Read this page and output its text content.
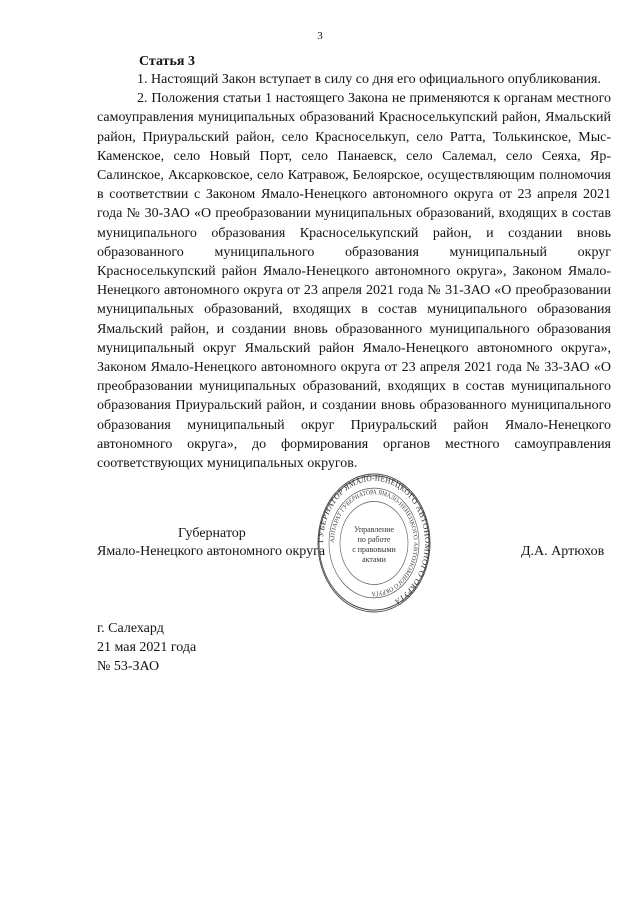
3
Статья 3

1. Настоящий Закон вступает в силу со дня его официального опубликования.

2. Положения статьи 1 настоящего Закона не применяются к органам местного самоуправления муниципальных образований Красноселькупский район, Ямальский район, Приуральский район, село Красноселькуп, село Ратта, Толькинское, Мыс-Каменское, село Новый Порт, село Панаевск, село Салемал, село Сеяха, Яр-Салинское, Аксарковское, село Катравож, Белоярское, осуществляющим полномочия в соответствии с Законом Ямало-Ненецкого автономного округа от 23 апреля 2021 года № 30-ЗАО «О преобразовании муниципальных образований, входящих в состав муниципального образования Красноселькупский район, и создании вновь образованного муниципального образования муниципальный округ Красноселькупский район Ямало-Ненецкого автономного округа», Законом Ямало-Ненецкого автономного округа от 23 апреля 2021 года № 31-ЗАО «О преобразовании муниципальных образований, входящих в состав муниципального образования Ямальский район, и создании вновь образованного муниципального образования муниципальный округ Ямальский район Ямало-Ненецкого автономного округа», Законом Ямало-Ненецкого автономного округа от 23 апреля 2021 года № 33-ЗАО «О преобразовании муниципальных образований, входящих в состав муниципального образования Приуральский район, и создании вновь образованного муниципального образования муниципальный округ Приуральский район Ямало-Ненецкого автономного округа», до формирования органов местного самоуправления соответствующих муниципальных округов.

Губернатор
Ямало-Ненецкого автономного округа	Д.А. Артюхов
ГУБЕРНАТОР ЯМАЛО-НЕНЕЦКОГО АВТОНОМНОГО ОКРУГА
АППАРАТ ГУБЕРНАТОРА ЯМАЛО-НЕНЕЦКОГО АВТОНОМНОГО ОКРУГА
Управление
по работе
с правовыми
актами
г. Салехард
21 мая 2021 года
№ 53-ЗАО
